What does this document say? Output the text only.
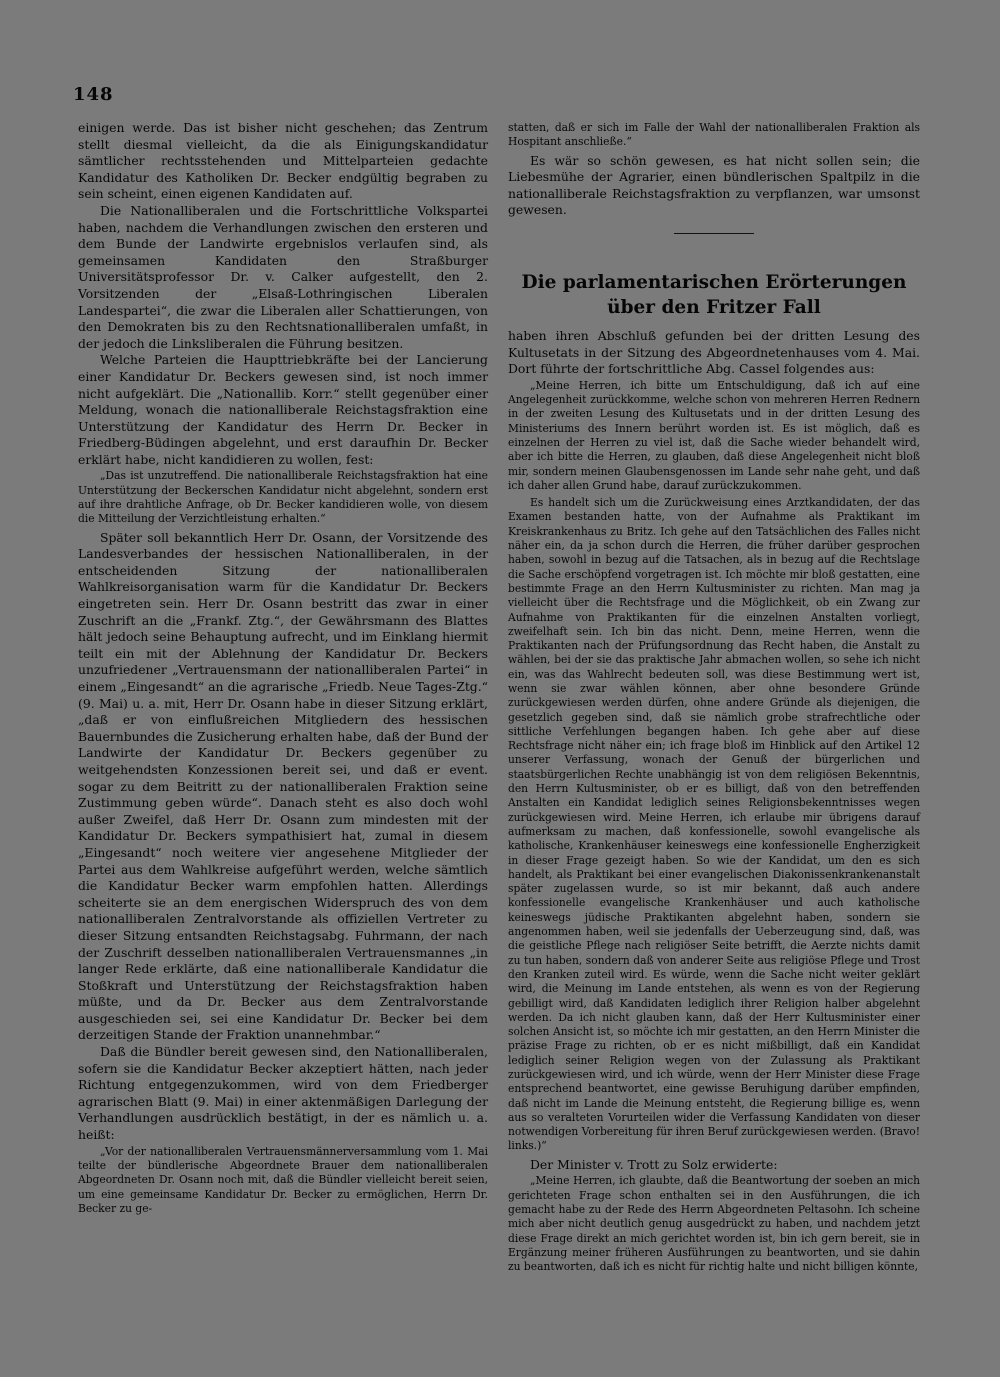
148

einigen werde. Das ist bisher nicht geschehen; das Zentrum stellt diesmal vielleicht, da die als Einigungskandidatur sämtlicher rechtsstehenden und Mittelparteien gedachte Kandidatur des Katholiken Dr. Becker endgültig begraben zu sein scheint, einen eigenen Kandidaten auf.

Die Nationalliberalen und die Fortschrittliche Volkspartei haben, nachdem die Verhandlungen zwischen den ersteren und dem Bunde der Landwirte ergebnislos verlaufen sind, als gemeinsamen Kandidaten den Straßburger Universitätsprofessor Dr. v. Calker aufgestellt, den 2. Vorsitzenden der „Elsaß-Lothringischen Liberalen Landespartei“, die zwar die Liberalen aller Schattierungen, von den Demokraten bis zu den Rechtsnationalliberalen umfaßt, in der jedoch die Linksliberalen die Führung besitzen.

Welche Parteien die Haupttriebkräfte bei der Lancierung einer Kandidatur Dr. Beckers gewesen sind, ist noch immer nicht aufgeklärt. Die „Nationallib. Korr.“ stellt gegenüber einer Meldung, wonach die nationalliberale Reichstagsfraktion eine Unterstützung der Kandidatur des Herrn Dr. Becker in Friedberg-Büdingen abgelehnt, und erst daraufhin Dr. Becker erklärt habe, nicht kandidieren zu wollen, fest:

„Das ist unzutreffend. Die nationalliberale Reichstagsfraktion hat eine Unterstützung der Beckerschen Kandidatur nicht abgelehnt, sondern erst auf ihre drahtliche Anfrage, ob Dr. Becker kandidieren wolle, von diesem die Mitteilung der Verzichtleistung erhalten.“

Später soll bekanntlich Herr Dr. Osann, der Vorsitzende des Landesverbandes der hessischen Nationalliberalen, in der entscheidenden Sitzung der nationalliberalen Wahlkreisorganisation warm für die Kandidatur Dr. Beckers eingetreten sein. Herr Dr. Osann bestritt das zwar in einer Zuschrift an die „Frankf. Ztg.“, der Gewährsmann des Blattes hält jedoch seine Behauptung aufrecht, und im Einklang hiermit teilt ein mit der Ablehnung der Kandidatur Dr. Beckers unzufriedener „Vertrauensmann der nationalliberalen Partei“ in einem „Eingesandt“ an die agrarische „Friedb. Neue Tages-Ztg.“ (9. Mai) u. a. mit, Herr Dr. Osann habe in dieser Sitzung erklärt, „daß er von einflußreichen Mitgliedern des hessischen Bauernbundes die Zusicherung erhalten habe, daß der Bund der Landwirte der Kandidatur Dr. Beckers gegenüber zu weitgehendsten Konzessionen bereit sei, und daß er event. sogar zu dem Beitritt zu der nationalliberalen Fraktion seine Zustimmung geben würde“. Danach steht es also doch wohl außer Zweifel, daß Herr Dr. Osann zum mindesten mit der Kandidatur Dr. Beckers sympathisiert hat, zumal in diesem „Eingesandt“ noch weitere vier angesehene Mitglieder der Partei aus dem Wahlkreise aufgeführt werden, welche sämtlich die Kandidatur Becker warm empfohlen hatten. Allerdings scheiterte sie an dem energischen Widerspruch des von dem nationalliberalen Zentralvorstande als offiziellen Vertreter zu dieser Sitzung entsandten Reichstagsabg. Fuhrmann, der nach der Zuschrift desselben nationalliberalen Vertrauensmannes „in langer Rede erklärte, daß eine nationalliberale Kandidatur die Stoßkraft und Unterstützung der Reichstagsfraktion haben müßte, und da Dr. Becker aus dem Zentralvorstande ausgeschieden sei, sei eine Kandidatur Dr. Becker bei dem derzeitigen Stande der Fraktion unannehmbar.“

Daß die Bündler bereit gewesen sind, den Nationalliberalen, sofern sie die Kandidatur Becker akzeptiert hätten, nach jeder Richtung entgegenzukommen, wird von dem Friedberger agrarischen Blatt (9. Mai) in einer aktenmäßigen Darlegung der Verhandlungen ausdrücklich bestätigt, in der es nämlich u. a. heißt:

„Vor der nationalliberalen Vertrauensmännerversammlung vom 1. Mai teilte der bündlerische Abgeordnete Brauer dem nationalliberalen Abgeordneten Dr. Osann noch mit, daß die Bündler vielleicht bereit seien, um eine gemeinsame Kandidatur Dr. Becker zu ermöglichen, Herrn Dr. Becker zu ge-

statten, daß er sich im Falle der Wahl der nationalliberalen Fraktion als Hospitant anschließe.“

Es wär so schön gewesen, es hat nicht sollen sein; die Liebesmühe der Agrarier, einen bündlerischen Spaltpilz in die nationalliberale Reichstagsfraktion zu verpflanzen, war umsonst gewesen.

Die parlamentarischen Erörterungen
über den Fritzer Fall

haben ihren Abschluß gefunden bei der dritten Lesung des Kultusetats in der Sitzung des Abgeordnetenhauses vom 4. Mai. Dort führte der fortschrittliche Abg. Cassel folgendes aus:

„Meine Herren, ich bitte um Entschuldigung, daß ich auf eine Angelegenheit zurückkomme, welche schon von mehreren Herren Rednern in der zweiten Lesung des Kultusetats und in der dritten Lesung des Ministeriums des Innern berührt worden ist. Es ist möglich, daß es einzelnen der Herren zu viel ist, daß die Sache wieder behandelt wird, aber ich bitte die Herren, zu glauben, daß diese Angelegenheit nicht bloß mir, sondern meinen Glaubensgenossen im Lande sehr nahe geht, und daß ich daher allen Grund habe, darauf zurückzukommen.

Es handelt sich um die Zurückweisung eines Arztkandidaten, der das Examen bestanden hatte, von der Aufnahme als Praktikant im Kreiskrankenhaus zu Britz. Ich gehe auf den Tatsächlichen des Falles nicht näher ein, da ja schon durch die Herren, die früher darüber gesprochen haben, sowohl in bezug auf die Tatsachen, als in bezug auf die Rechtslage die Sache erschöpfend vorgetragen ist. Ich möchte mir bloß gestatten, eine bestimmte Frage an den Herrn Kultusminister zu richten. Man mag ja vielleicht über die Rechtsfrage und die Möglichkeit, ob ein Zwang zur Aufnahme von Praktikanten für die einzelnen Anstalten vorliegt, zweifelhaft sein. Ich bin das nicht. Denn, meine Herren, wenn die Praktikanten nach der Prüfungsordnung das Recht haben, die Anstalt zu wählen, bei der sie das praktische Jahr abmachen wollen, so sehe ich nicht ein, was das Wahlrecht bedeuten soll, was diese Bestimmung wert ist, wenn sie zwar wählen können, aber ohne besondere Gründe zurückgewiesen werden dürfen, ohne andere Gründe als diejenigen, die gesetzlich gegeben sind, daß sie nämlich grobe strafrechtliche oder sittliche Verfehlungen begangen haben. Ich gehe aber auf diese Rechtsfrage nicht näher ein; ich frage bloß im Hinblick auf den Artikel 12 unserer Verfassung, wonach der Genuß der bürgerlichen und staatsbürgerlichen Rechte unabhängig ist von dem religiösen Bekenntnis, den Herrn Kultusminister, ob er es billigt, daß von den betreffenden Anstalten ein Kandidat lediglich seines Religionsbekenntnisses wegen zurückgewiesen wird. Meine Herren, ich erlaube mir übrigens darauf aufmerksam zu machen, daß konfessionelle, sowohl evangelische als katholische, Krankenhäuser keineswegs eine konfessionelle Engherzigkeit in dieser Frage gezeigt haben. So wie der Kandidat, um den es sich handelt, als Praktikant bei einer evangelischen Diakonissenkrankenanstalt später zugelassen wurde, so ist mir bekannt, daß auch andere konfessionelle evangelische Krankenhäuser und auch katholische keineswegs jüdische Praktikanten abgelehnt haben, sondern sie angenommen haben, weil sie jedenfalls der Ueberzeugung sind, daß, was die geistliche Pflege nach religiöser Seite betrifft, die Aerzte nichts damit zu tun haben, sondern daß von anderer Seite aus religiöse Pflege und Trost den Kranken zuteil wird. Es würde, wenn die Sache nicht weiter geklärt wird, die Meinung im Lande entstehen, als wenn es von der Regierung gebilligt wird, daß Kandidaten lediglich ihrer Religion halber abgelehnt werden. Da ich nicht glauben kann, daß der Herr Kultusminister einer solchen Ansicht ist, so möchte ich mir gestatten, an den Herrn Minister die präzise Frage zu richten, ob er es nicht mißbilligt, daß ein Kandidat lediglich seiner Religion wegen von der Zulassung als Praktikant zurückgewiesen wird, und ich würde, wenn der Herr Minister diese Frage entsprechend beantwortet, eine gewisse Beruhigung darüber empfinden, daß nicht im Lande die Meinung entsteht, die Regierung billige es, wenn aus so veralteten Vorurteilen wider die Verfassung Kandidaten von dieser notwendigen Vorbereitung für ihren Beruf zurückgewiesen werden. (Bravo! links.)“

Der Minister v. Trott zu Solz erwiderte:

„Meine Herren, ich glaubte, daß die Beantwortung der soeben an mich gerichteten Frage schon enthalten sei in den Ausführungen, die ich gemacht habe zu der Rede des Herrn Abgeordneten Peltasohn. Ich scheine mich aber nicht deutlich genug ausgedrückt zu haben, und nachdem jetzt diese Frage direkt an mich gerichtet worden ist, bin ich gern bereit, sie in Ergänzung meiner früheren Ausführungen zu beantworten, und sie dahin zu beantworten, daß ich es nicht für richtig halte und nicht billigen könnte,
